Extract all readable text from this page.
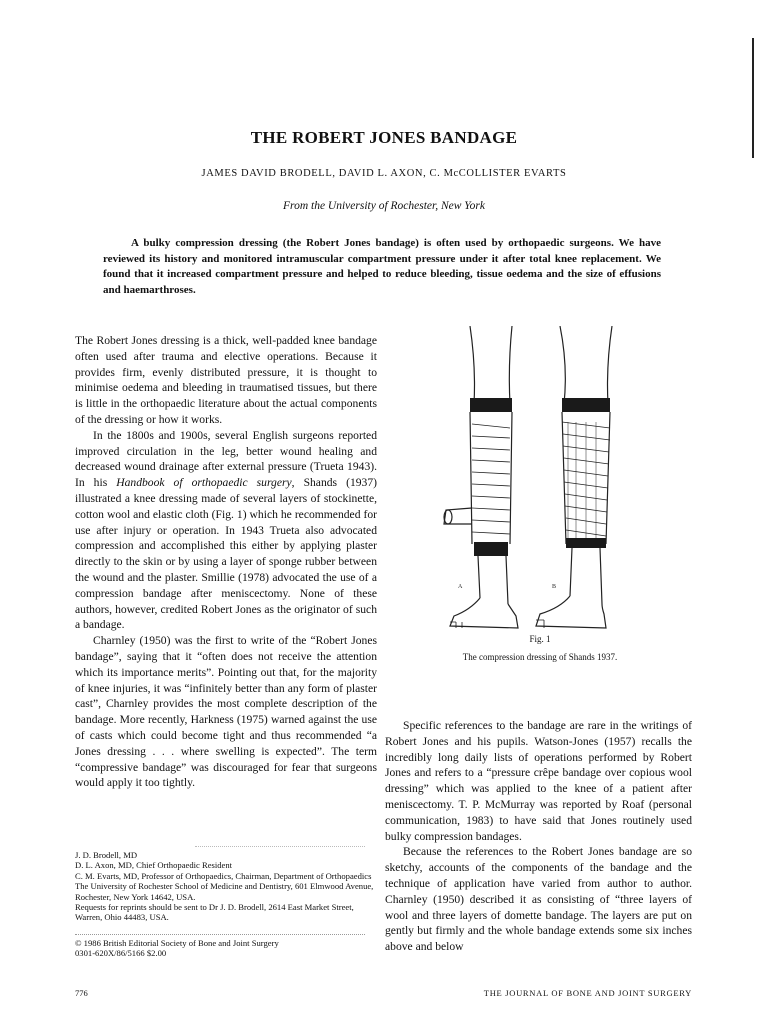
THE ROBERT JONES BANDAGE
JAMES DAVID BRODELL, DAVID L. AXON, C. McCOLLISTER EVARTS
From the University of Rochester, New York

A bulky compression dressing (the Robert Jones bandage) is often used by orthopaedic surgeons. We have reviewed its history and monitored intramuscular compartment pressure under it after total knee replacement. We found that it increased compartment pressure and helped to reduce bleeding, tissue oedema and the size of effusions and haemarthroses.

The Robert Jones dressing is a thick, well-padded knee bandage often used after trauma and elective operations. Because it provides firm, evenly distributed pressure, it is thought to minimise oedema and bleeding in traumatised tissues, but there is little in the orthopaedic literature about the actual components of the dressing or how it works.

In the 1800s and 1900s, several English surgeons reported improved circulation in the leg, better wound healing and decreased wound drainage after external pressure (Trueta 1943). In his Handbook of orthopaedic surgery, Shands (1937) illustrated a knee dressing made of several layers of stockinette, cotton wool and elastic cloth (Fig. 1) which he recommended for use after injury or operation. In 1943 Trueta also advocated compression and accomplished this either by applying plaster directly to the skin or by using a layer of sponge rubber between the wound and the plaster. Smillie (1978) advocated the use of a compression bandage after meniscectomy. None of these authors, however, credited Robert Jones as the originator of such a bandage.

Charnley (1950) was the first to write of the “Robert Jones bandage”, saying that it “often does not receive the attention which its importance merits”. Pointing out that, for the majority of knee injuries, it was “infinitely better than any form of plaster cast”, Charnley provides the most complete description of the bandage. More recently, Harkness (1975) warned against the use of casts which could become tight and thus recommended “a Jones dressing . . . where swelling is expected”. The term “compressive bandage” was discouraged for fear that surgeons would apply it too tightly.

J. D. Brodell, MD

D. L. Axon, MD, Chief Orthopaedic Resident

C. M. Evarts, MD, Professor of Orthopaedics, Chairman, Department of Orthopaedics

The University of Rochester School of Medicine and Dentistry, 601 Elmwood Avenue, Rochester, New York 14642, USA.

Requests for reprints should be sent to Dr J. D. Brodell, 2614 East Market Street, Warren, Ohio 44483, USA.

© 1986 British Editorial Society of Bone and Joint Surgery

0301-620X/86/5166 $2.00

A	B
Fig. 1
The compression dressing of Shands 1937.

Specific references to the bandage are rare in the writings of Robert Jones and his pupils. Watson-Jones (1957) recalls the incredibly long daily lists of operations performed by Robert Jones and refers to a “pressure crêpe bandage over copious wool dressing” which was applied to the knee of a patient after meniscectomy. T. P. McMurray was reported by Roaf (personal communication, 1983) to have said that Jones routinely used bulky compression bandages.

Because the references to the Robert Jones bandage are so sketchy, accounts of the components of the bandage and the technique of application have varied from author to author. Charnley (1950) described it as consisting of “three layers of wool and three layers of domette bandage. The layers are put on gently but firmly and the whole bandage extends some six inches above and below

776	THE JOURNAL OF BONE AND JOINT SURGERY
